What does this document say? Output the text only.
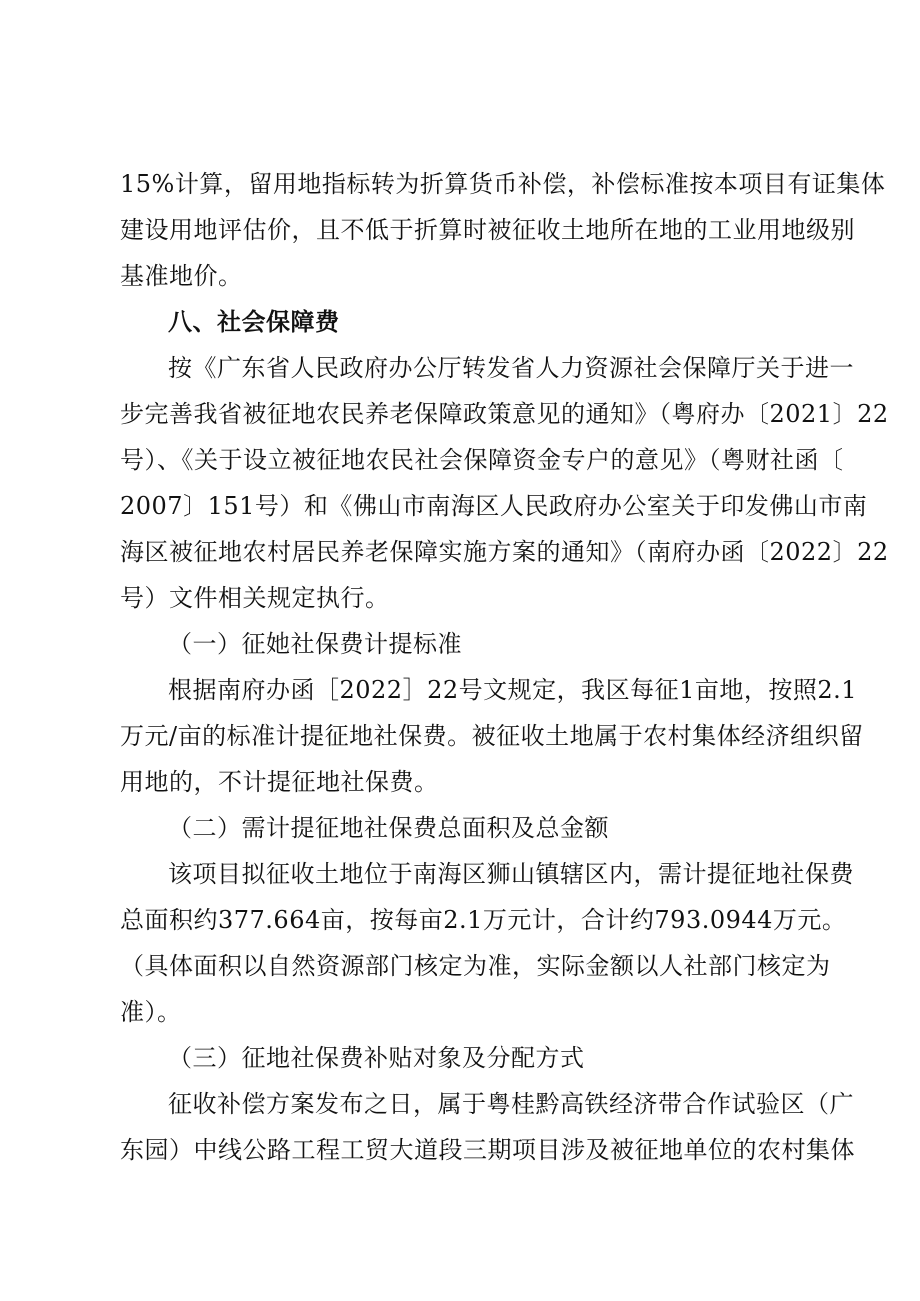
15%计算，留用地指标转为折算货币补偿，补偿标准按本项目有证集体
建设用地评估价，且不低于折算时被征收土地所在地的工业用地级别
基准地价。
八、社会保障费
按《广东省人民政府办公厅转发省人力资源社会保障厅关于进一
步完善我省被征地农民养老保障政策意见的通知》（粤府办〔2021〕22
号）、《关于设立被征地农民社会保障资金专户的意见》（粤财社函〔
2007〕151号）和《佛山市南海区人民政府办公室关于印发佛山市南
海区被征地农村居民养老保障实施方案的通知》（南府办函〔2022〕22
号）文件相关规定执行。
（一）征她社保费计提标准
根据南府办函［2022］22号文规定，我区每征1亩地，按照2.1
万元/亩的标准计提征地社保费。被征收土地属于农村集体经济组织留
用地的，不计提征地社保费。
（二）需计提征地社保费总面积及总金额
该项目拟征收土地位于南海区狮山镇辖区内，需计提征地社保费
总面积约377.664亩，按每亩2.1万元计，合计约793.0944万元。
（具体面积以自然资源部门核定为准，实际金额以人社部门核定为
准）。
（三）征地社保费补贴对象及分配方式
征收补偿方案发布之日，属于粤桂黔高铁经济带合作试验区（广
东园）中线公路工程工贸大道段三期项目涉及被征地单位的农村集体
